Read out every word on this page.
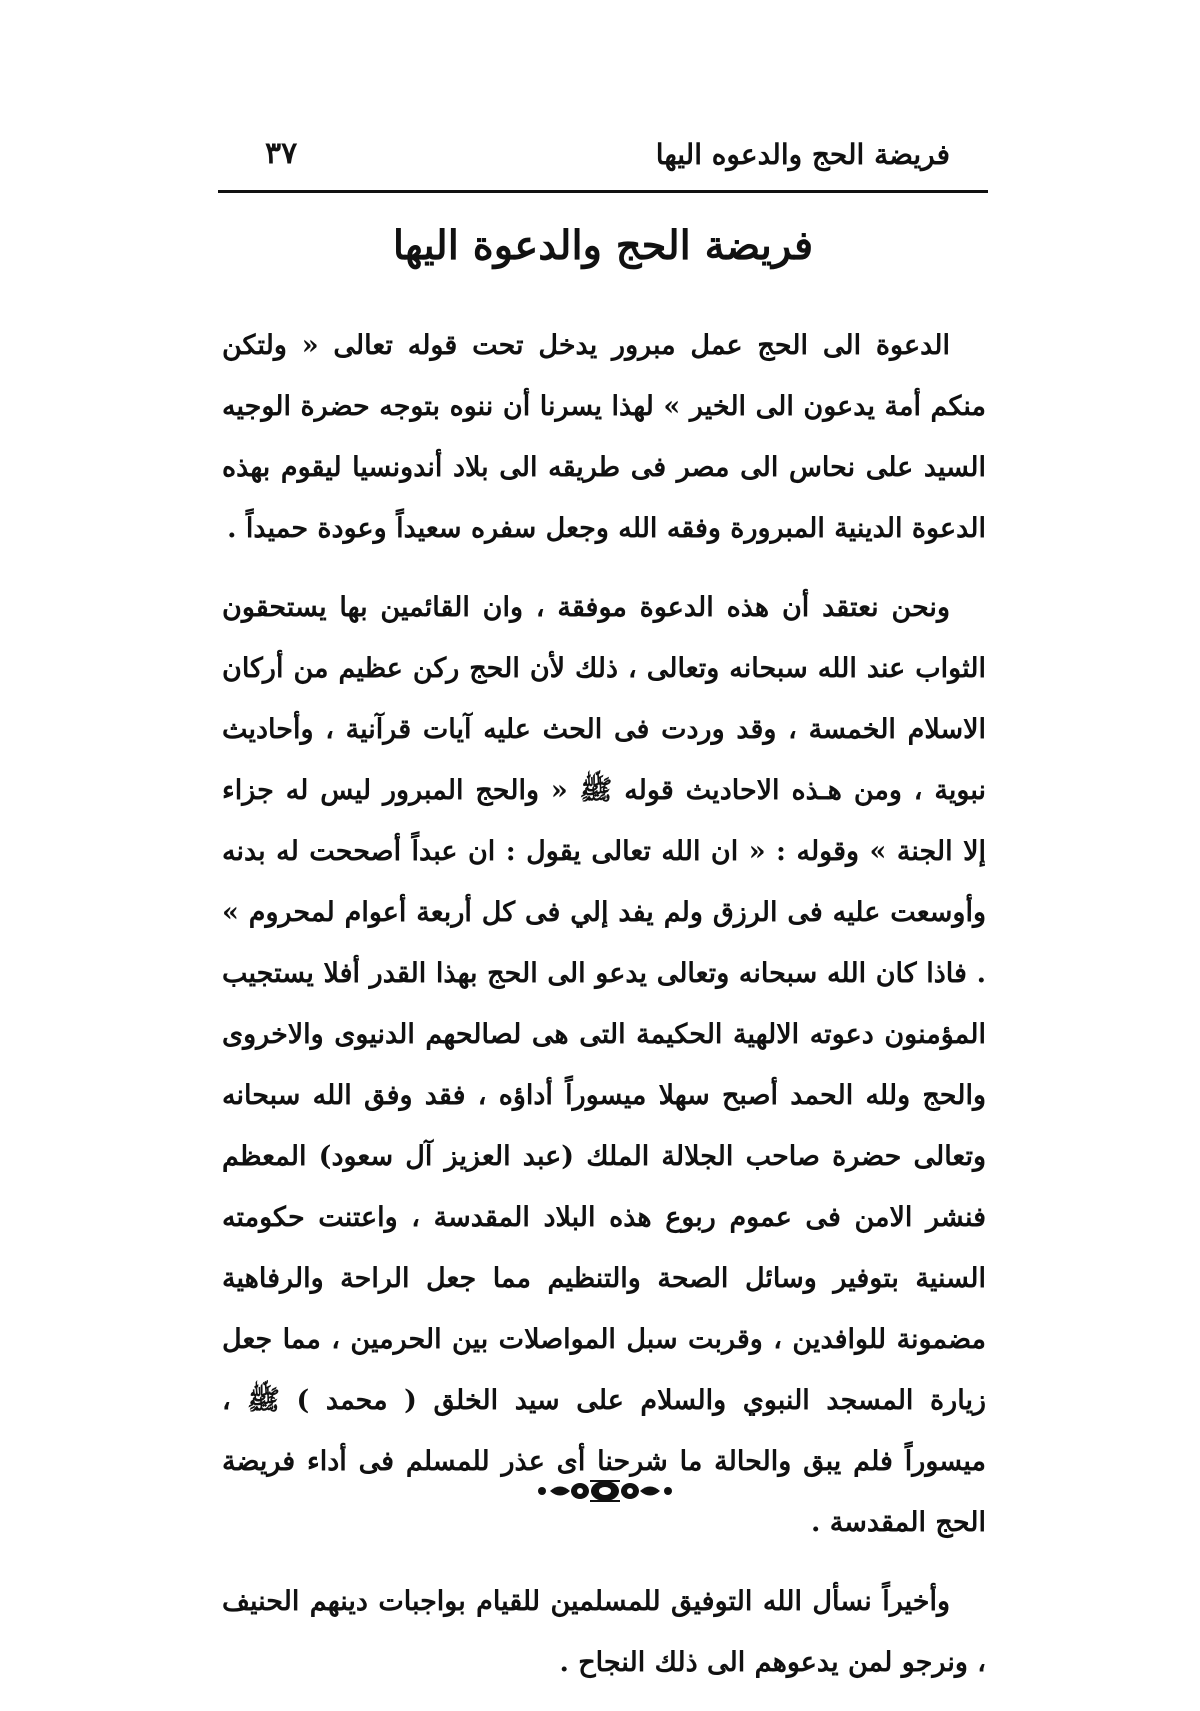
فريضة الحج والدعوه اليها
٣٧
فريضة الحج والدعوة اليها

الدعوة الى الحج عمل مبرور يدخل تحت قوله تعالى « ولتكن منكم أمة يدعون الى الخير » لهذا يسرنا أن ننوه بتوجه حضرة الوجيه السيد على نحاس الى مصر فى طريقه الى بلاد أندونسيا ليقوم بهذه الدعوة الدينية المبرورة وفقه الله وجعل سفره سعيداً وعودة حميداً .

ونحن نعتقد أن هذه الدعوة موفقة ، وان القائمين بها يستحقون الثواب عند الله سبحانه وتعالى ، ذلك لأن الحج ركن عظيم من أركان الاسلام الخمسة ، وقد وردت فى الحث عليه آيات قرآنية ، وأحاديث نبوية ، ومن هـذه الاحاديث قوله ﷺ « والحج المبرور ليس له جزاء إلا الجنة » وقوله : « ان الله تعالى يقول : ان عبداً أصححت له بدنه وأوسعت عليه فى الرزق ولم يفد إلي فى كل أربعة أعوام لمحروم » . فاذا كان الله سبحانه وتعالى يدعو الى الحج بهذا القدر أفلا يستجيب المؤمنون دعوته الالهية الحكيمة التى هى لصالحهم الدنيوى والاخروى والحج ولله الحمد أصبح سهلا ميسوراً أداؤه ، فقد وفق الله سبحانه وتعالى حضرة صاحب الجلالة الملك (عبد العزيز آل سعود) المعظم فنشر الامن فى عموم ربوع هذه البلاد المقدسة ، واعتنت حكومته السنية بتوفير وسائل الصحة والتنظيم مما جعل الراحة والرفاهية مضمونة للوافدين ، وقربت سبل المواصلات بين الحرمين ، مما جعل زيارة المسجد النبوي والسلام على سيد الخلق ( محمد ) ﷺ ، ميسوراً فلم يبق والحالة ما شرحنا أى عذر للمسلم فى أداء فريضة الحج المقدسة .

وأخيراً نسأل الله التوفيق للمسلمين للقيام بواجبات دينهم الحنيف ، ونرجو لمن يدعوهم الى ذلك النجاح .
